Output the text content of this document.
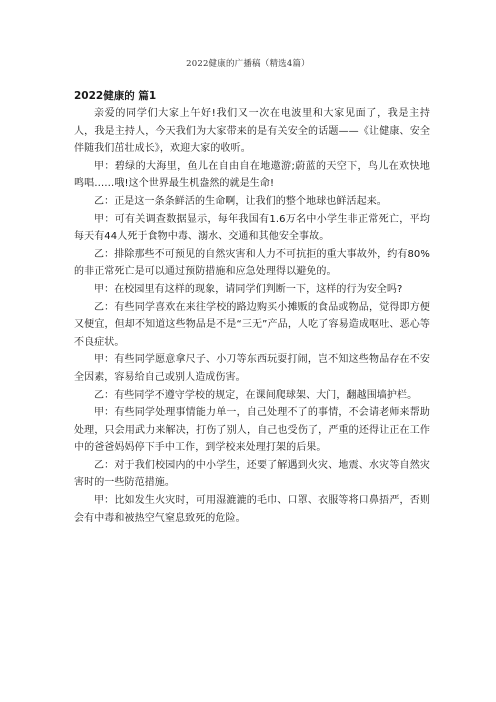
2022健康的广播稿（精选4篇）
2022健康的 篇1

亲爱的同学们大家上午好!我们又一次在电波里和大家见面了，我是主持人，我是主持人，今天我们为大家带来的是有关安全的话题——《让健康、安全伴随我们茁壮成长》，欢迎大家的收听。

甲：碧绿的大海里，鱼儿在自由自在地遨游;蔚蓝的天空下，鸟儿在欢快地鸣唱……哦!这个世界最生机盎然的就是生命!

乙：正是这一条条鲜活的生命啊，让我们的整个地球也鲜活起来。

甲：可有关调查数据显示，每年我国有1.6万名中小学生非正常死亡，平均每天有44人死于食物中毒、溺水、交通和其他安全事故。

乙：排除那些不可预见的自然灾害和人力不可抗拒的重大事故外，约有80%的非正常死亡是可以通过预防措施和应急处理得以避免的。

甲：在校园里有这样的现象，请同学们判断一下，这样的行为安全吗?

乙：有些同学喜欢在来往学校的路边购买小摊贩的食品或物品，觉得即方便又便宜，但却不知道这些物品是不是“三无”产品，人吃了容易造成呕吐、恶心等不良症状。

甲：有些同学愿意拿尺子、小刀等东西玩耍打闹，岂不知这些物品存在不安全因素，容易给自己或别人造成伤害。

乙：有些同学不遵守学校的规定，在课间爬球架、大门，翻越围墙护栏。

甲：有些同学处理事情能力单一，自己处理不了的事情，不会请老师来帮助处理，只会用武力来解决，打伤了别人，自己也受伤了，严重的还得让正在工作中的爸爸妈妈停下手中工作，到学校来处理打架的后果。

乙：对于我们校园内的中小学生，还要了解遇到火灾、地震、水灾等自然灾害时的一些防范措施。

甲：比如发生火灾时，可用湿漉漉的毛巾、口罩、衣服等将口鼻捂严，否则会有中毒和被热空气窒息致死的危险。
